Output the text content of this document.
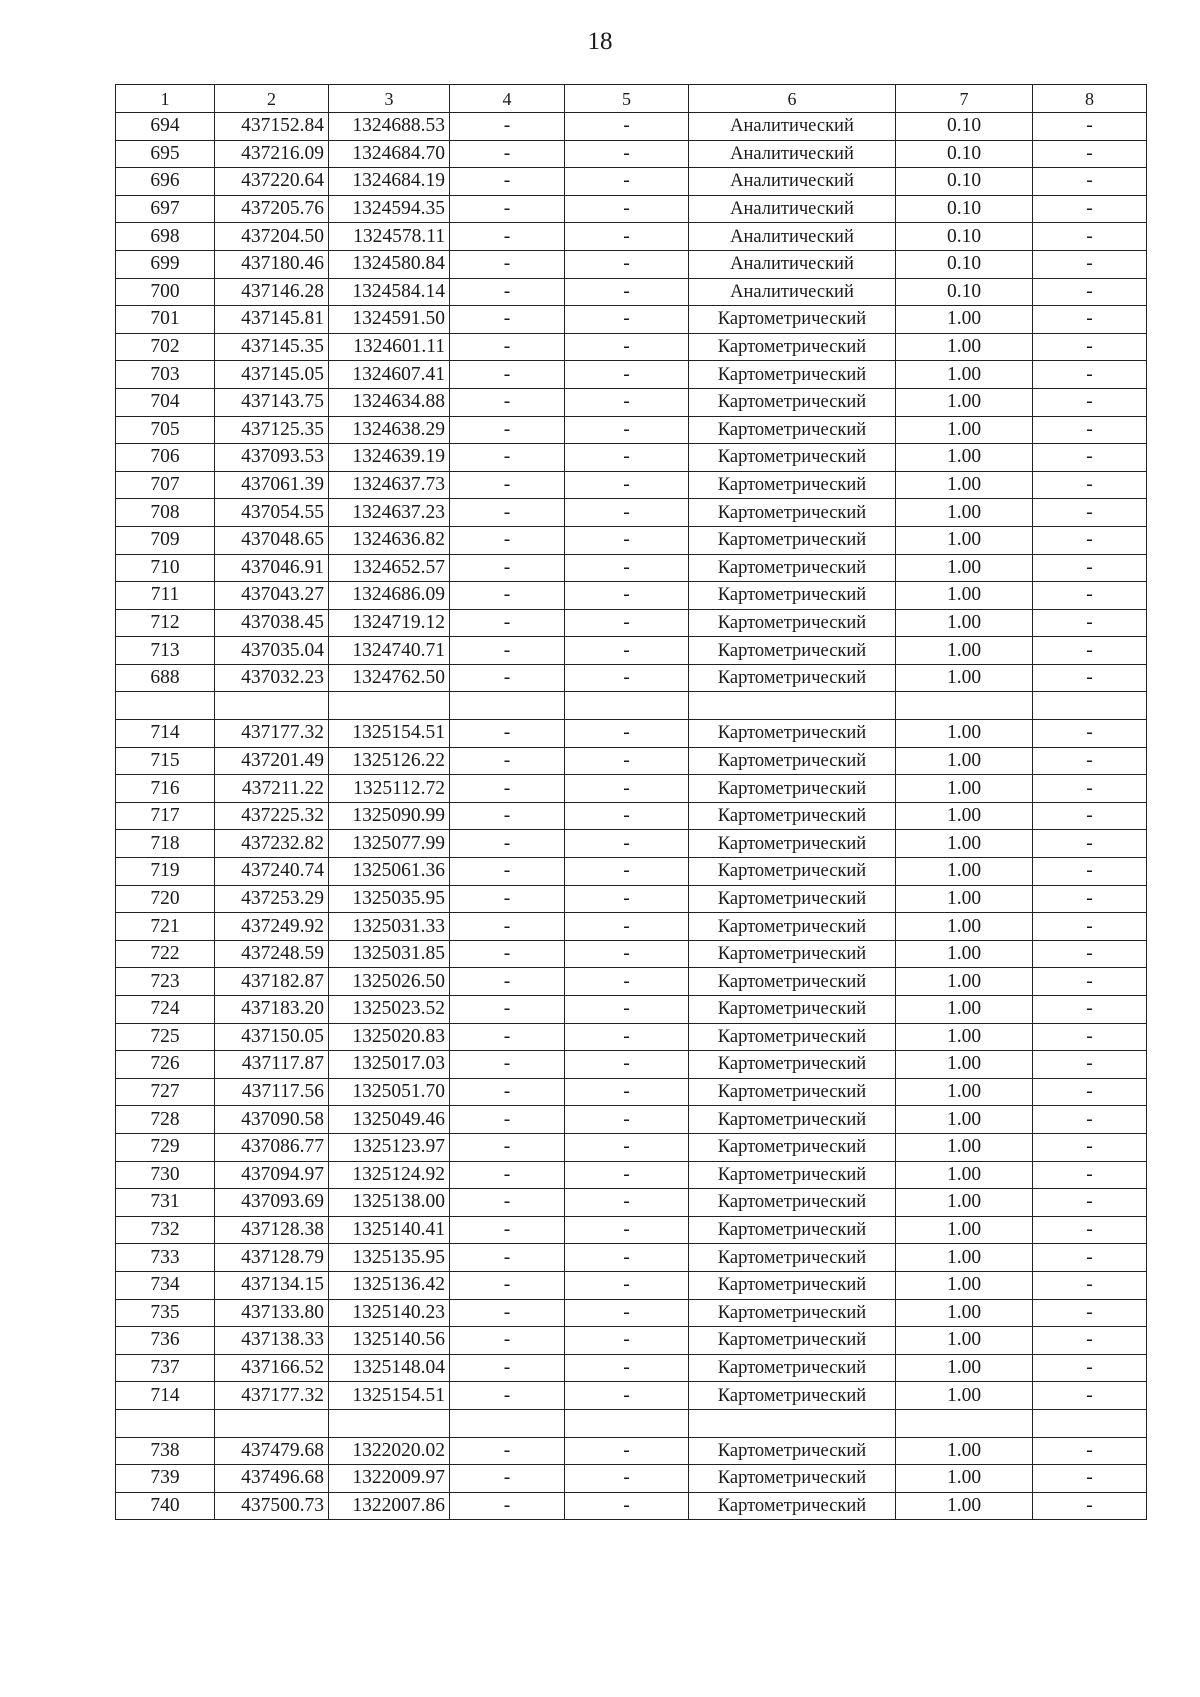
18
1	2	3	4	5	6	7	8
694	437152.84	1324688.53	-	-	Аналитический	0.10	-
695	437216.09	1324684.70	-	-	Аналитический	0.10	-
696	437220.64	1324684.19	-	-	Аналитический	0.10	-
697	437205.76	1324594.35	-	-	Аналитический	0.10	-
698	437204.50	1324578.11	-	-	Аналитический	0.10	-
699	437180.46	1324580.84	-	-	Аналитический	0.10	-
700	437146.28	1324584.14	-	-	Аналитический	0.10	-
701	437145.81	1324591.50	-	-	Картометрический	1.00	-
702	437145.35	1324601.11	-	-	Картометрический	1.00	-
703	437145.05	1324607.41	-	-	Картометрический	1.00	-
704	437143.75	1324634.88	-	-	Картометрический	1.00	-
705	437125.35	1324638.29	-	-	Картометрический	1.00	-
706	437093.53	1324639.19	-	-	Картометрический	1.00	-
707	437061.39	1324637.73	-	-	Картометрический	1.00	-
708	437054.55	1324637.23	-	-	Картометрический	1.00	-
709	437048.65	1324636.82	-	-	Картометрический	1.00	-
710	437046.91	1324652.57	-	-	Картометрический	1.00	-
711	437043.27	1324686.09	-	-	Картометрический	1.00	-
712	437038.45	1324719.12	-	-	Картометрический	1.00	-
713	437035.04	1324740.71	-	-	Картометрический	1.00	-
688	437032.23	1324762.50	-	-	Картометрический	1.00	-

714	437177.32	1325154.51	-	-	Картометрический	1.00	-
715	437201.49	1325126.22	-	-	Картометрический	1.00	-
716	437211.22	1325112.72	-	-	Картометрический	1.00	-
717	437225.32	1325090.99	-	-	Картометрический	1.00	-
718	437232.82	1325077.99	-	-	Картометрический	1.00	-
719	437240.74	1325061.36	-	-	Картометрический	1.00	-
720	437253.29	1325035.95	-	-	Картометрический	1.00	-
721	437249.92	1325031.33	-	-	Картометрический	1.00	-
722	437248.59	1325031.85	-	-	Картометрический	1.00	-
723	437182.87	1325026.50	-	-	Картометрический	1.00	-
724	437183.20	1325023.52	-	-	Картометрический	1.00	-
725	437150.05	1325020.83	-	-	Картометрический	1.00	-
726	437117.87	1325017.03	-	-	Картометрический	1.00	-
727	437117.56	1325051.70	-	-	Картометрический	1.00	-
728	437090.58	1325049.46	-	-	Картометрический	1.00	-
729	437086.77	1325123.97	-	-	Картометрический	1.00	-
730	437094.97	1325124.92	-	-	Картометрический	1.00	-
731	437093.69	1325138.00	-	-	Картометрический	1.00	-
732	437128.38	1325140.41	-	-	Картометрический	1.00	-
733	437128.79	1325135.95	-	-	Картометрический	1.00	-
734	437134.15	1325136.42	-	-	Картометрический	1.00	-
735	437133.80	1325140.23	-	-	Картометрический	1.00	-
736	437138.33	1325140.56	-	-	Картометрический	1.00	-
737	437166.52	1325148.04	-	-	Картометрический	1.00	-
714	437177.32	1325154.51	-	-	Картометрический	1.00	-

738	437479.68	1322020.02	-	-	Картометрический	1.00	-
739	437496.68	1322009.97	-	-	Картометрический	1.00	-
740	437500.73	1322007.86	-	-	Картометрический	1.00	-
